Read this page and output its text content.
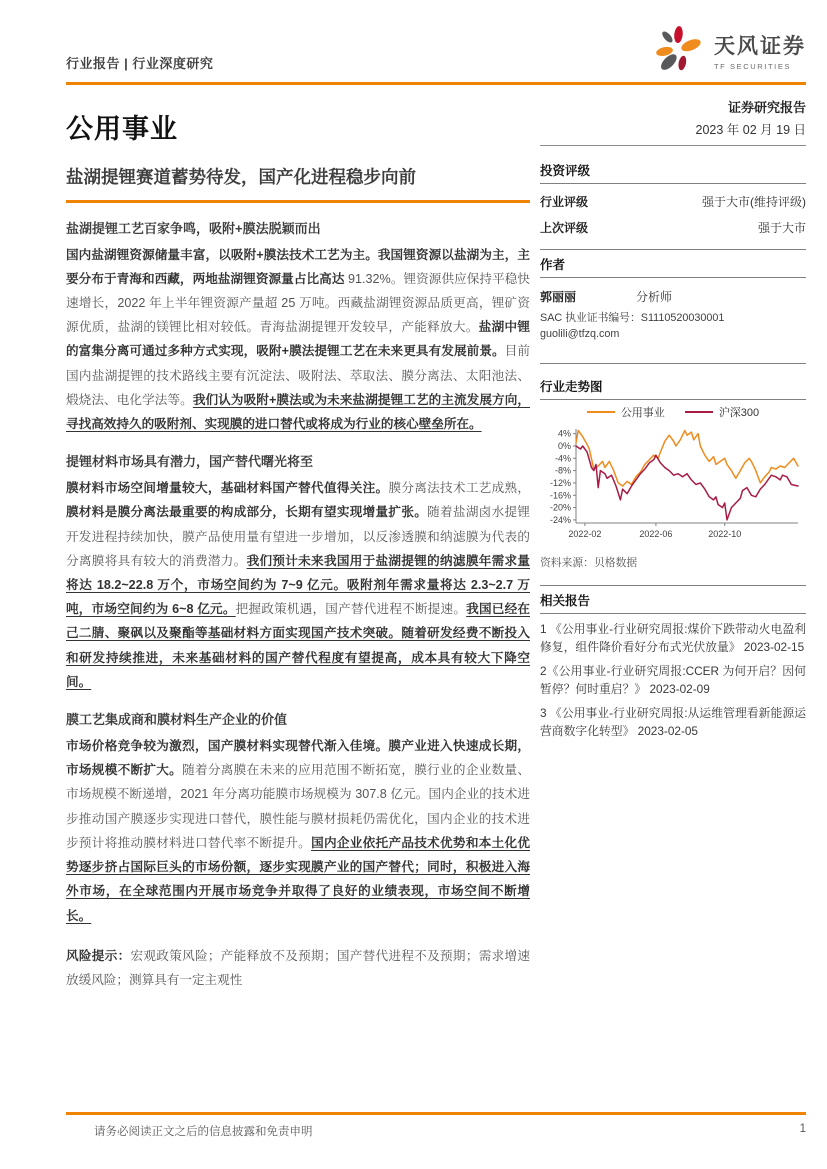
行业报告 | 行业深度研究
天风证券
TF SECURITIES
公用事业
证券研究报告
2023 年 02 月 19 日
盐湖提锂赛道蓄势待发，国产化进程稳步向前
盐湖提锂工艺百家争鸣，吸附+膜法脱颖而出
国内盐湖锂资源储量丰富，以吸附+膜法技术工艺为主。我国锂资源以盐湖为主，主要分布于青海和西藏，两地盐湖锂资源量占比高达 91.32%。锂资源供应保持平稳快速增长，2022 年上半年锂资源产量超 25 万吨。西藏盐湖锂资源品质更高，锂矿资源优质，盐湖的镁锂比相对较低。青海盐湖提锂开发较早，产能释放大。盐湖中锂的富集分离可通过多种方式实现，吸附+膜法提锂工艺在未来更具有发展前景。目前国内盐湖提锂的技术路线主要有沉淀法、吸附法、萃取法、膜分离法、太阳池法、煅烧法、电化学法等。我们认为吸附+膜法或为未来盐湖提锂工艺的主流发展方向，寻找高效持久的吸附剂、实现膜的进口替代或将成为行业的核心壁垒所在。
提锂材料市场具有潜力，国产替代曙光将至
膜材料市场空间增量较大，基础材料国产替代值得关注。膜分离法技术工艺成熟，膜材料是膜分离法最重要的构成部分，长期有望实现增量扩张。随着盐湖卤水提锂开发进程持续加快，膜产品使用量有望进一步增加，以反渗透膜和纳滤膜为代表的分离膜将具有较大的消费潜力。我们预计未来我国用于盐湖提锂的纳滤膜年需求量将达 18.2~22.8 万个，市场空间约为 7~9 亿元。吸附剂年需求量将达 2.3~2.7 万吨，市场空间约为 6~8 亿元。把握政策机遇，国产替代进程不断提速。我国已经在己二腈、聚砜以及聚酯等基础材料方面实现国产技术突破。随着研发经费不断投入和研发持续推进，未来基础材料的国产替代程度有望提高，成本具有较大下降空间。
膜工艺集成商和膜材料生产企业的价值
市场价格竞争较为激烈，国产膜材料实现替代渐入佳境。膜产业进入快速成长期，市场规模不断扩大。随着分离膜在未来的应用范围不断拓宽，膜行业的企业数量、市场规模不断递增，2021 年分离功能膜市场规模为 307.8 亿元。国内企业的技术进步推动国产膜逐步实现进口替代，膜性能与膜材损耗仍需优化，国内企业的技术进步预计将推动膜材料进口替代率不断提升。国内企业依托产品技术优势和本土化优势逐步挤占国际巨头的市场份额，逐步实现膜产业的国产替代；同时，积极进入海外市场，在全球范围内开展市场竞争并取得了良好的业绩表现，市场空间不断增长。
风险提示：宏观政策风险；产能释放不及预期；国产替代进程不及预期；需求增速放缓风险；测算具有一定主观性
投资评级
行业评级	强于大市(维持评级)
上次评级	强于大市
作者
郭丽丽	分析师
SAC 执业证书编号：S1110520030001
guolili@tfzq.com
行业走势图
公用事业	沪深300
4%
0%
-4%
-8%
-12%
-16%
-20%
-24%
2022-02	2022-06	2022-10
资料来源：贝格数据
相关报告
1 《公用事业-行业研究周报:煤价下跌带动火电盈利修复，组件降价看好分布式光伏放量》 2023-02-15
2《公用事业-行业研究周报:CCER 为何开启？因何暂停？何时重启？》 2023-02-09
3 《公用事业-行业研究周报:从运维管理看新能源运营商数字化转型》 2023-02-05
请务必阅读正文之后的信息披露和免责申明	1
